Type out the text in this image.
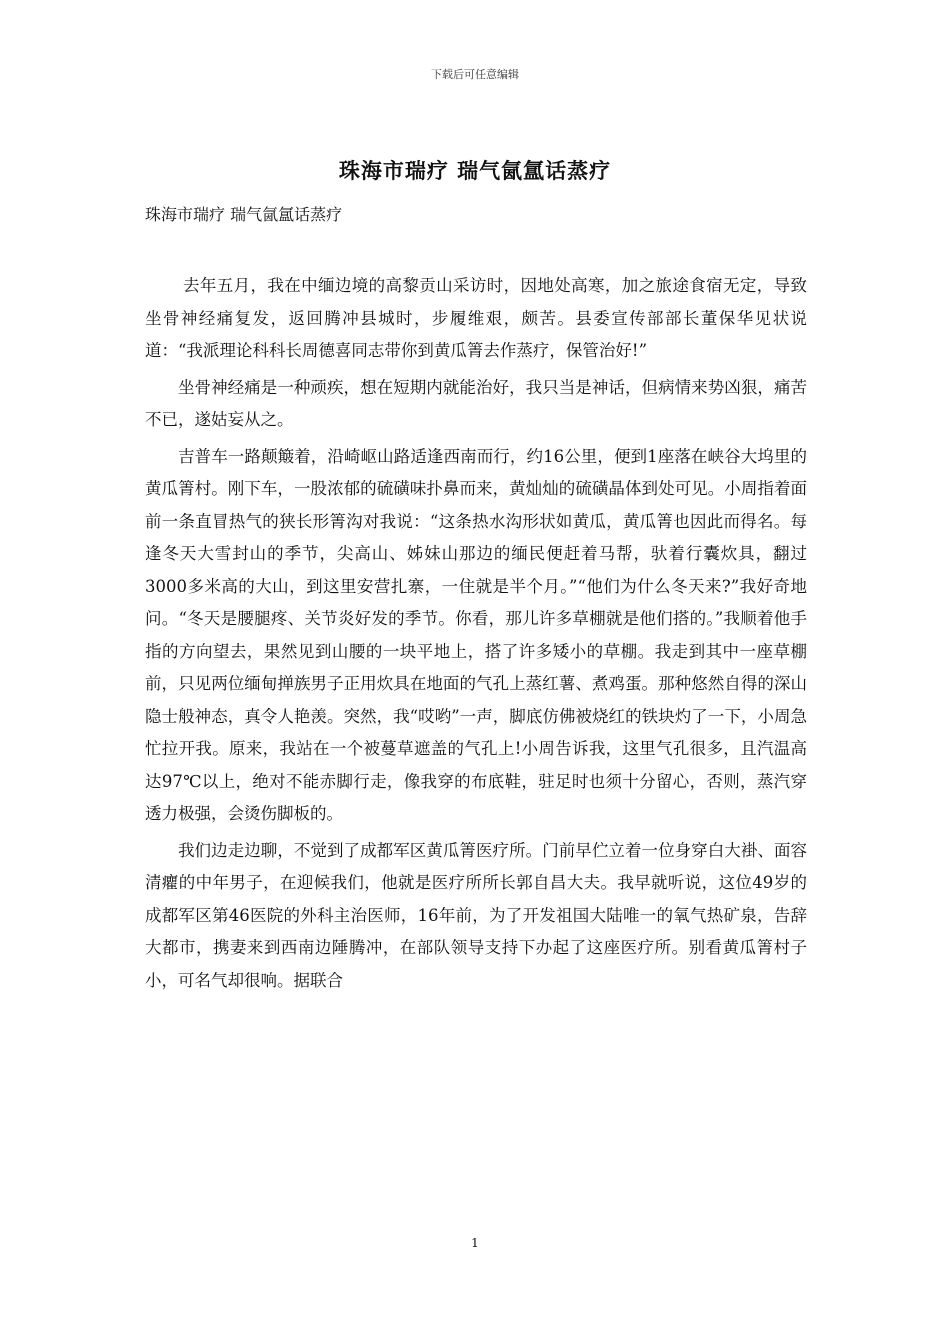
下载后可任意编辑
珠海市瑞疗 瑞气氤氲话蒸疗

珠海市瑞疗 瑞气氤氲话蒸疗

去年五月，我在中缅边境的高黎贡山采访时，因地处高寒，加之旅途食宿无定，导致坐骨神经痛复发，返回腾冲县城时，步履维艰，颇苦。县委宣传部部长董保华见状说道：“我派理论科科长周德喜同志带你到黄瓜箐去作蒸疗，保管治好!”

坐骨神经痛是一种顽疾，想在短期内就能治好，我只当是神话，但病情来势凶狠，痛苦不已，遂姑妄从之。

吉普车一路颠簸着，沿崎岖山路适逢西南而行，约16公里，便到1座落在峡谷大坞里的黄瓜箐村。刚下车，一股浓郁的硫磺味扑鼻而来，黄灿灿的硫磺晶体到处可见。小周指着面前一条直冒热气的狭长形箐沟对我说：“这条热水沟形状如黄瓜，黄瓜箐也因此而得名。每逢冬天大雪封山的季节，尖高山、姊妹山那边的缅民便赶着马帮，驮着行囊炊具，翻过3000多米高的大山，到这里安营扎寨，一住就是半个月。”“他们为什么冬天来?”我好奇地问。“冬天是腰腿疼、关节炎好发的季节。你看，那儿许多草棚就是他们搭的。”我顺着他手指的方向望去，果然见到山腰的一块平地上，搭了许多矮小的草棚。我走到其中一座草棚前，只见两位缅甸掸族男子正用炊具在地面的气孔上蒸红薯、煮鸡蛋。那种悠然自得的深山隐士般神态，真令人艳羡。突然，我“哎哟”一声，脚底仿佛被烧红的铁块灼了一下，小周急忙拉开我。原来，我站在一个被蔓草遮盖的气孔上!小周告诉我，这里气孔很多，且汽温高达97℃以上，绝对不能赤脚行走，像我穿的布底鞋，驻足时也须十分留心，否则，蒸汽穿透力极强，会烫伤脚板的。

我们边走边聊，不觉到了成都军区黄瓜箐医疗所。门前早伫立着一位身穿白大褂、面容清癯的中年男子，在迎候我们，他就是医疗所所长郭自昌大夫。我早就听说，这位49岁的成都军区第46医院的外科主治医师，16年前，为了开发祖国大陆唯一的氧气热矿泉，告辞大都市，携妻来到西南边陲腾冲，在部队领导支持下办起了这座医疗所。别看黄瓜箐村子小，可名气却很响。据联合

1
